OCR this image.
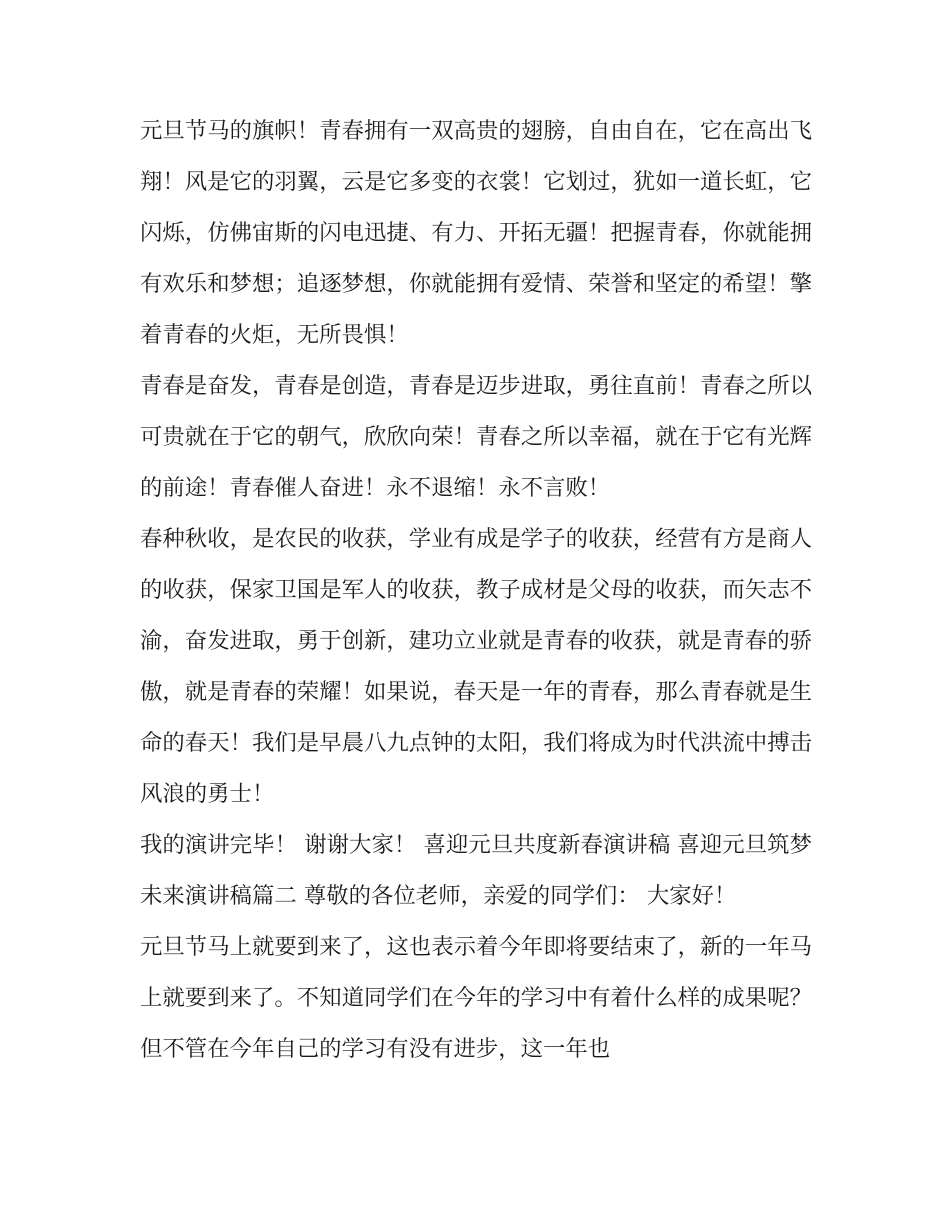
元旦节马的旗帜！青春拥有一双高贵的翅膀，自由自在，它在高出飞翔！风是它的羽翼，云是它多变的衣裳！它划过，犹如一道长虹，它闪烁，仿佛宙斯的闪电迅捷、有力、开拓无疆！把握青春，你就能拥有欢乐和梦想；追逐梦想，你就能拥有爱情、荣誉和坚定的希望！擎着青春的火炬，无所畏惧！

青春是奋发，青春是创造，青春是迈步进取，勇往直前！青春之所以可贵就在于它的朝气，欣欣向荣！青春之所以幸福，就在于它有光辉的前途！青春催人奋进！永不退缩！永不言败！

春种秋收，是农民的收获，学业有成是学子的收获，经营有方是商人的收获，保家卫国是军人的收获，教子成材是父母的收获，而矢志不渝，奋发进取，勇于创新，建功立业就是青春的收获，就是青春的骄傲，就是青春的荣耀！如果说，春天是一年的青春，那么青春就是生命的春天！我们是早晨八九点钟的太阳，我们将成为时代洪流中搏击风浪的勇士！

我的演讲完毕！ 谢谢大家！ 喜迎元旦共度新春演讲稿 喜迎元旦筑梦未来演讲稿篇二 尊敬的各位老师，亲爱的同学们： 大家好！

元旦节马上就要到来了，这也表示着今年即将要结束了，新的一年马上就要到来了。不知道同学们在今年的学习中有着什么样的成果呢？但不管在今年自己的学习有没有进步，这一年也
